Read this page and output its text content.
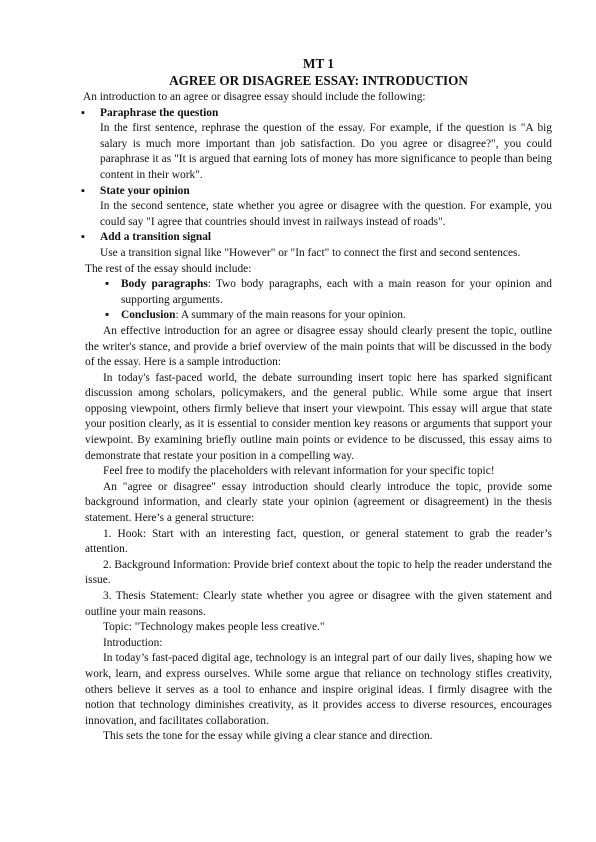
MT 1

AGREE OR DISAGREE ESSAY: INTRODUCTION

An introduction to an agree or disagree essay should include the following:

▪ Paraphrase the question

In the first sentence, rephrase the question of the essay. For example, if the question is "A big salary is much more important than job satisfaction. Do you agree or disagree?", you could paraphrase it as "It is argued that earning lots of money has more significance to people than being content in their work".

▪ State your opinion

In the second sentence, state whether you agree or disagree with the question. For example, you could say "I agree that countries should invest in railways instead of roads".

▪ Add a transition signal

Use a transition signal like "However" or "In fact" to connect the first and second sentences.

The rest of the essay should include:

▪ Body paragraphs: Two body paragraphs, each with a main reason for your opinion and supporting arguments.
▪ Conclusion: A summary of the main reasons for your opinion.

An effective introduction for an agree or disagree essay should clearly present the topic, outline the writer's stance, and provide a brief overview of the main points that will be discussed in the body of the essay. Here is a sample introduction:

In today's fast-paced world, the debate surrounding insert topic here has sparked significant discussion among scholars, policymakers, and the general public. While some argue that insert opposing viewpoint, others firmly believe that insert your viewpoint. This essay will argue that state your position clearly, as it is essential to consider mention key reasons or arguments that support your viewpoint. By examining briefly outline main points or evidence to be discussed, this essay aims to demonstrate that restate your position in a compelling way.

Feel free to modify the placeholders with relevant information for your specific topic!

An "agree or disagree" essay introduction should clearly introduce the topic, provide some background information, and clearly state your opinion (agreement or disagreement) in the thesis statement. Here’s a general structure:

1. Hook: Start with an interesting fact, question, or general statement to grab the reader’s attention.

2. Background Information: Provide brief context about the topic to help the reader understand the issue.

3. Thesis Statement: Clearly state whether you agree or disagree with the given statement and outline your main reasons.

Topic: "Technology makes people less creative."

Introduction:

In today’s fast-paced digital age, technology is an integral part of our daily lives, shaping how we work, learn, and express ourselves. While some argue that reliance on technology stifles creativity, others believe it serves as a tool to enhance and inspire original ideas. I firmly disagree with the notion that technology diminishes creativity, as it provides access to diverse resources, encourages innovation, and facilitates collaboration.

This sets the tone for the essay while giving a clear stance and direction.
